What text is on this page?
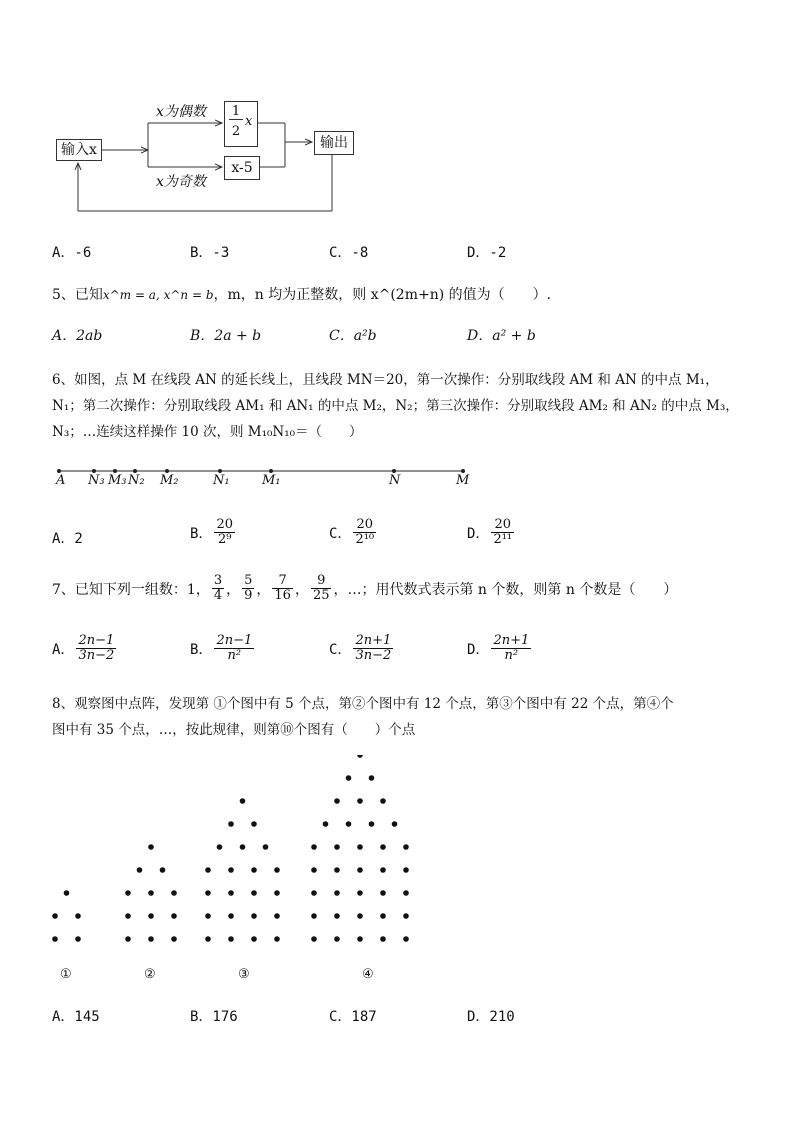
输入x
x为偶数
x为奇数
1
2
x
x-5
输出
A．-6	B．-3	C．-8	D．-2
5、已知x^m = a, x^n = b，m，n 均为正整数，则 x^(2m+n) 的值为（　　）.
A．2ab	B．2a + b	C．a²b	D．a² + b
6、如图，点 M 在线段 AN 的延长线上，且线段 MN＝20，第一次操作：分别取线段 AM 和 AN 的中点 M₁，
N₁；第二次操作：分别取线段 AM₁ 和 AN₁ 的中点 M₂，N₂；第三次操作：分别取线段 AM₂ 和 AN₂ 的中点 M₃，
N₃；…连续这样操作 10 次，则 M₁₀N₁₀＝（　　）
A N₃ M₃ N₂ M₂	N₁ M₁	N	M
A．2	B． $\frac{20}{\text{2⁹}}$	C． $\frac{20}{\text{2¹⁰}}$	D． $\frac{20}{\text{2¹¹}}$
7、已知下列一组数：1， $\frac{3}{4}$ ， $\frac{5}{9}$ ， $\frac{7}{16}$ ， $\frac{9}{25}$ ，…；用代数式表示第 n 个数，则第 n 个数是（　　）
A． $\frac{2n-1}{3n-2}$	B． $\frac{2n-1}{\text{n²}}$	C． $\frac{2n+1}{3n-2}$	D． $\frac{2n+1}{\text{n²}}$
8、观察图中点阵，发现第 ①个图中有 5 个点，第②个图中有 12 个点，第③个图中有 22 个点，第④个
图中有 35 个点，…，按此规律，则第⑩个图有（　　）个点
①	②	③	④
A．145	B．176	C．187	D．210
